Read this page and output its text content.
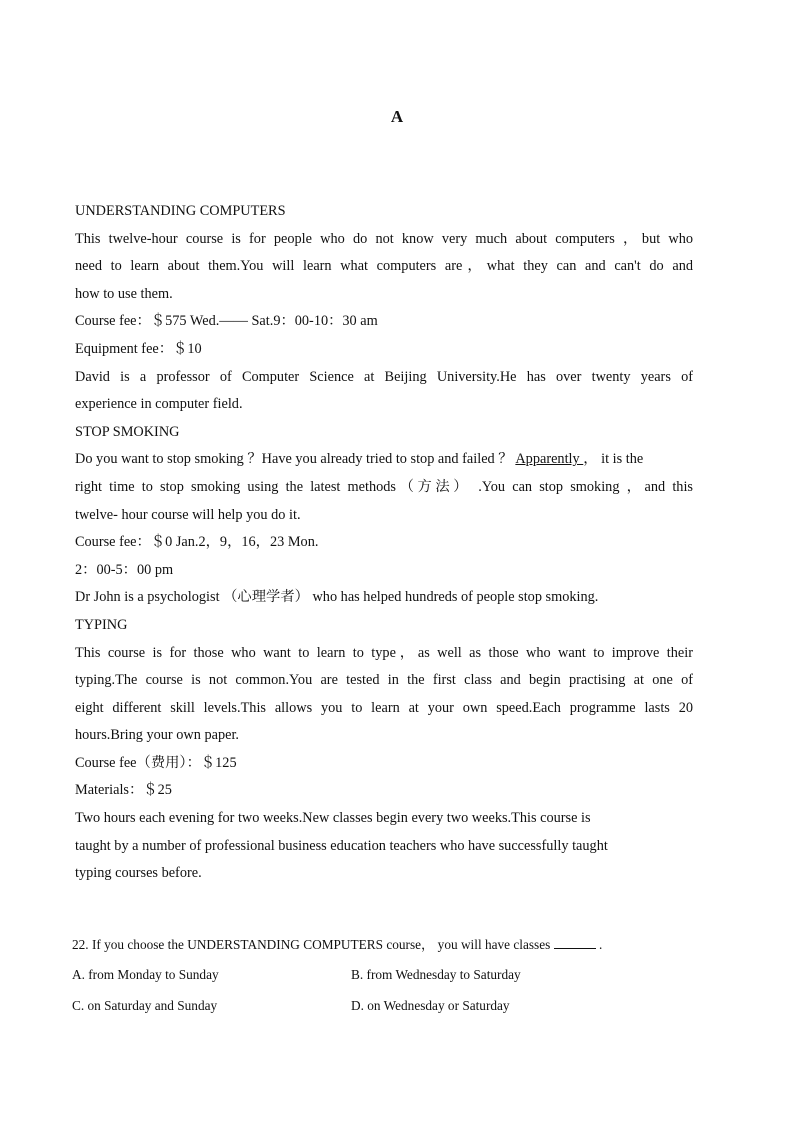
A
UNDERSTANDING COMPUTERS
This twelve-hour course is for people who do not know very much about computers ，but who
need to learn about them.You will learn what computers are，what they can and can't do and
how to use them.
Course fee：＄575 Wed.—— Sat.9：00-10：30 am
Equipment fee：＄10
David is a professor of Computer Science at Beijing University.He has over twenty years of
experience in computer field.
STOP SMOKING
Do you want to stop smoking ？Have you already tried to stop and failed ？ Apparently ， it is the
right time to stop smoking using the latest methods（方法） .You can stop smoking ，and this
twelve- hour course will help you do it.
Course fee：＄0 Jan.2，9，16，23 Mon.
2：00-5：00 pm
Dr John is a psychologist （心理学者） who has helped hundreds of people stop smoking.
TYPING
This course is for those who want to learn to type，as well as those who want to improve their
typing.The course is not common.You are tested in the first class and begin practising at one of
eight different skill levels.This allows you to learn at your own speed.Each programme lasts 20
hours.Bring your own paper.
Course fee（费用）：＄125
Materials：＄25
Two hours each evening for two weeks.New classes begin every two weeks.This course is
taught by a number of professional business education teachers who have successfully taught
typing courses before.
22. If you choose the UNDERSTANDING COMPUTERS course， you will have classes	.
A. from Monday to Sunday	B. from Wednesday to Saturday
C. on Saturday and Sunday	D. on Wednesday or Saturday
